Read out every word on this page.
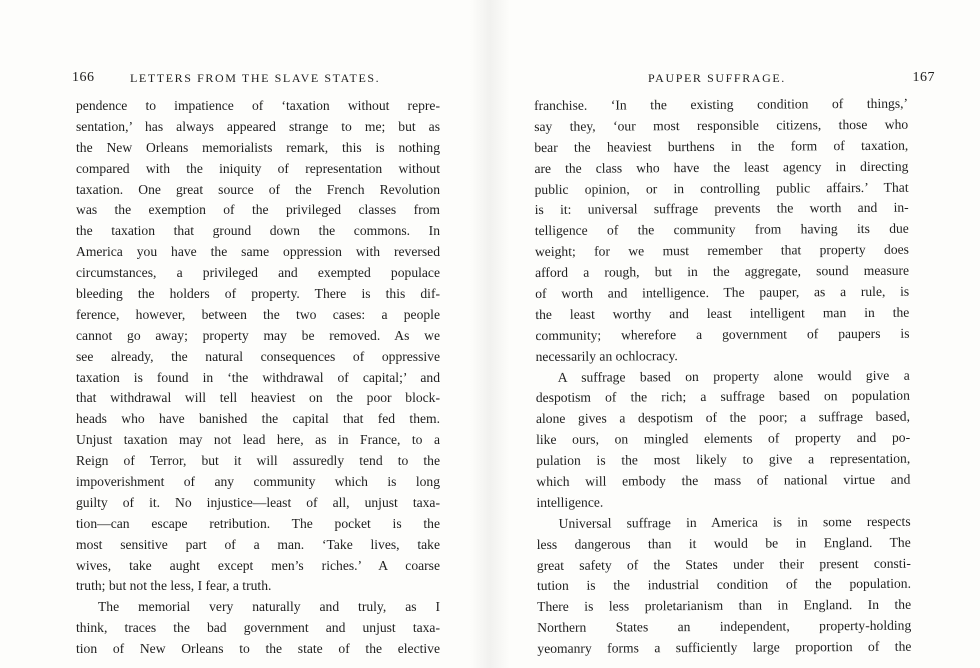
166	LETTERS FROM THE SLAVE STATES.
pendence to impatience of ‘taxation without repre-
sentation,’ has always appeared strange to me; but as
the New Orleans memorialists remark, this is nothing
compared with the iniquity of representation without
taxation. One great source of the French Revolution
was the exemption of the privileged classes from
the taxation that ground down the commons. In
America you have the same oppression with reversed
circumstances, a privileged and exempted populace
bleeding the holders of property. There is this dif-
ference, however, between the two cases: a people
cannot go away; property may be removed. As we
see already, the natural consequences of oppressive
taxation is found in ‘the withdrawal of capital;’ and
that withdrawal will tell heaviest on the poor block-
heads who have banished the capital that fed them.
Unjust taxation may not lead here, as in France, to a
Reign of Terror, but it will assuredly tend to the
impoverishment of any community which is long
guilty of it. No injustice—least of all, unjust taxa-
tion—can escape retribution. The pocket is the
most sensitive part of a man. ‘Take lives, take
wives, take aught except men’s riches.’ A coarse
truth; but not the less, I fear, a truth.
The memorial very naturally and truly, as I
think, traces the bad government and unjust taxa-
tion of New Orleans to the state of the elective
PAUPER SUFFRAGE.	167
franchise. ‘In the existing condition of things,’
say they, ‘our most responsible citizens, those who
bear the heaviest burthens in the form of taxation,
are the class who have the least agency in directing
public opinion, or in controlling public affairs.’ That
is it: universal suffrage prevents the worth and in-
telligence of the community from having its due
weight; for we must remember that property does
afford a rough, but in the aggregate, sound measure
of worth and intelligence. The pauper, as a rule, is
the least worthy and least intelligent man in the
community; wherefore a government of paupers is
necessarily an ochlocracy.
A suffrage based on property alone would give a
despotism of the rich; a suffrage based on population
alone gives a despotism of the poor; a suffrage based,
like ours, on mingled elements of property and po-
pulation is the most likely to give a representation,
which will embody the mass of national virtue and
intelligence.
Universal suffrage in America is in some respects
less dangerous than it would be in England. The
great safety of the States under their present consti-
tution is the industrial condition of the population.
There is less proletarianism than in England. In the
Northern States an independent, property-holding
yeomanry forms a sufficiently large proportion of the
